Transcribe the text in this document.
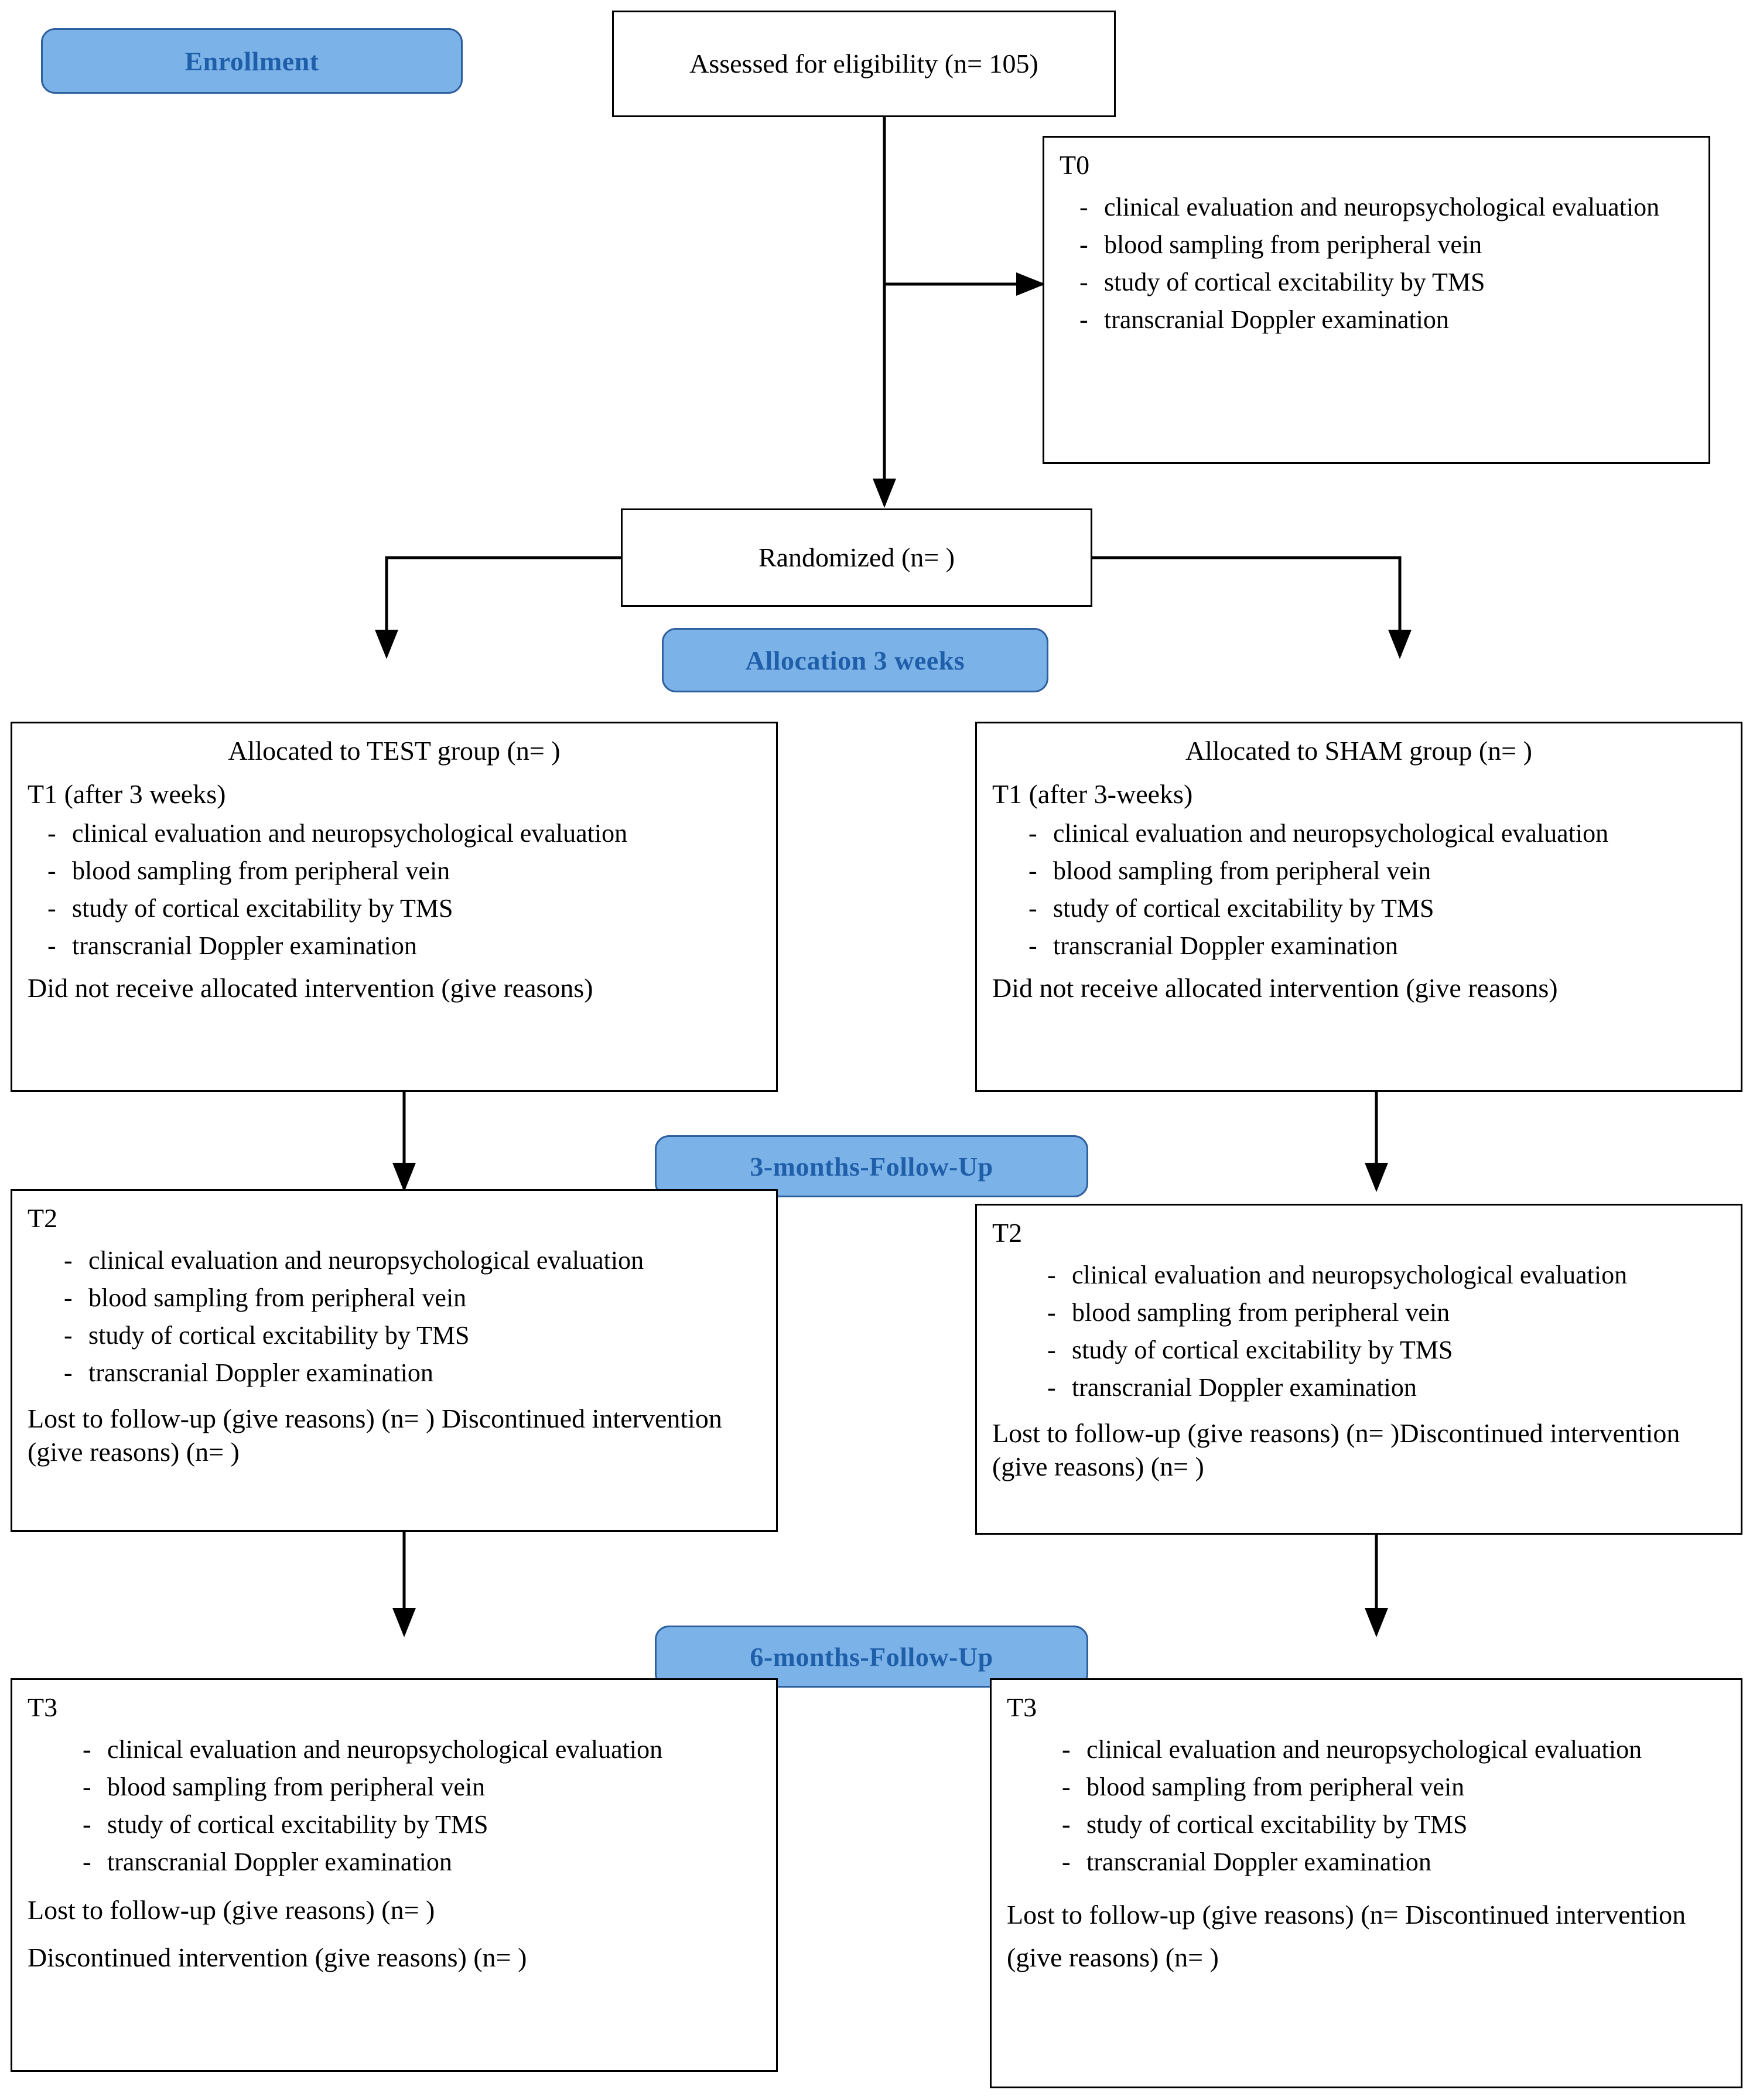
Enrollment	Assessed for eligibility (n= 105)
T0
- clinical evaluation and neuropsychological evaluation
- blood sampling from peripheral vein
- study of cortical excitability by TMS
- transcranial Doppler examination
Randomized (n= )
Allocation 3 weeks
Allocated to TEST group (n= )
T1 (after 3 weeks)
- clinical evaluation and neuropsychological evaluation
- blood sampling from peripheral vein
- study of cortical excitability by TMS
- transcranial Doppler examination
Did not receive allocated intervention (give reasons)
Allocated to SHAM group (n= )
T1 (after 3-weeks)
- clinical evaluation and neuropsychological evaluation
- blood sampling from peripheral vein
- study of cortical excitability by TMS
- transcranial Doppler examination
Did not receive allocated intervention (give reasons)
3-months-Follow-Up
T2
- clinical evaluation and neuropsychological evaluation
- blood sampling from peripheral vein
- study of cortical excitability by TMS
- transcranial Doppler examination
Lost to follow-up (give reasons) (n= ) Discontinued intervention (give reasons) (n= )
T2
- clinical evaluation and neuropsychological evaluation
- blood sampling from peripheral vein
- study of cortical excitability by TMS
- transcranial Doppler examination
Lost to follow-up (give reasons) (n= )Discontinued intervention (give reasons) (n= )
6-months-Follow-Up
T3
- clinical evaluation and neuropsychological evaluation
- blood sampling from peripheral vein
- study of cortical excitability by TMS
- transcranial Doppler examination
Lost to follow-up (give reasons) (n= )
Discontinued intervention (give reasons) (n= )
T3
- clinical evaluation and neuropsychological evaluation
- blood sampling from peripheral vein
- study of cortical excitability by TMS
- transcranial Doppler examination
Lost to follow-up (give reasons) (n= Discontinued intervention (give reasons) (n= )
